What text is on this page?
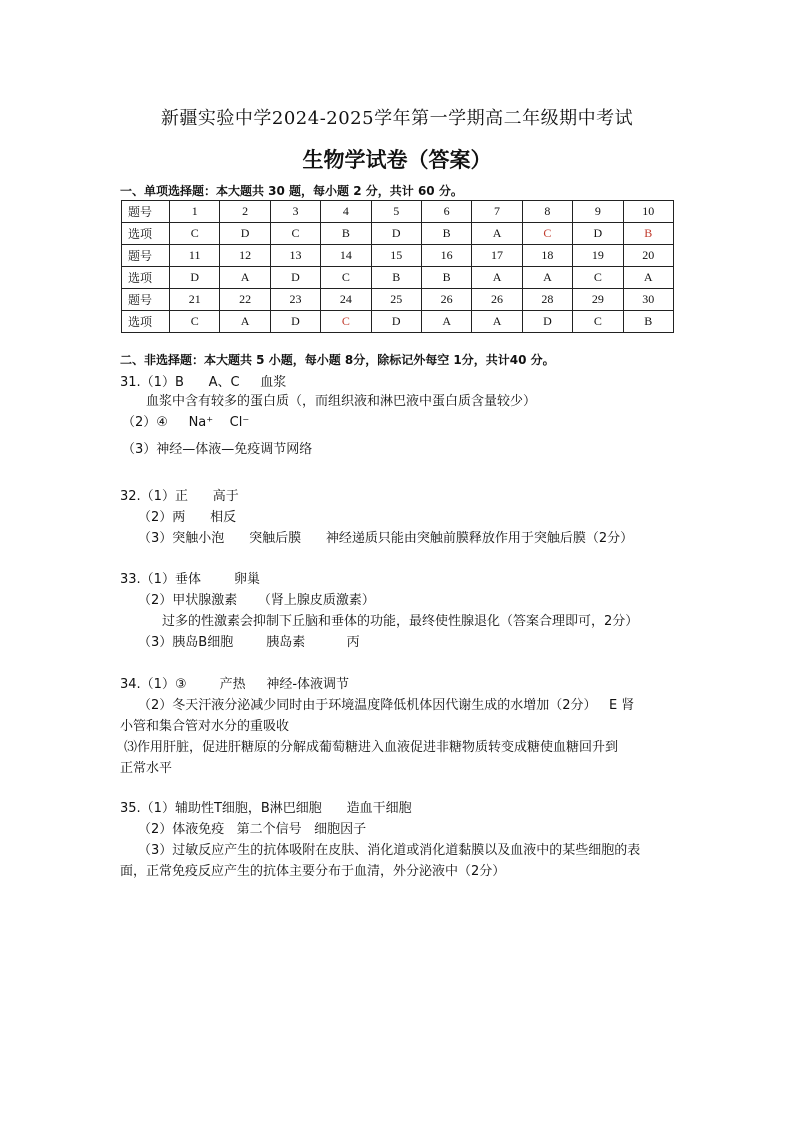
新疆实验中学2024-2025学年第一学期高二年级期中考试
生物学试卷（答案）
一、单项选择题：本大题共 30 题，每小题 2 分，共计 60 分。
题号	1	2	3	4	5	6	7	8	9	10
选项	C	D	C	B	D	B	A	C	D	B
题号	11	12	13	14	15	16	17	18	19	20
选项	D	A	D	C	B	B	A	A	C	A
题号	21	22	23	24	25	26	26	28	29	30
选项	C	A	D	C	D	A	A	D	C	B
二、非选择题：本大题共 5 小题，每小题 8分，除标记外每空 1分，共计40 分。
31.（1）B      A、C     血浆
血浆中含有较多的蛋白质（，而组织液和淋巴液中蛋白质含量较少）
（2）④     Na⁺    Cl⁻
（3）神经—体液—免疫调节网络
32.（1）正      高于
（2）两      相反
（3）突触小泡      突触后膜      神经递质只能由突触前膜释放作用于突触后膜（2分）
33.（1）垂体        卵巢
（2）甲状腺激素     （肾上腺皮质激素）
过多的性激素会抑制下丘脑和垂体的功能，最终使性腺退化（答案合理即可，2分）
（3）胰岛B细胞        胰岛素          丙
34.（1）③        产热     神经-体液调节
（2）冬天汗液分泌减少同时由于环境温度降低机体因代谢生成的水增加（2分）   E 肾
小管和集合管对水分的重吸收
⑶作用肝脏，促进肝糖原的分解成葡萄糖进入血液促进非糖物质转变成糖使血糖回升到
正常水平
35.（1）辅助性T细胞，B淋巴细胞      造血干细胞
（2）体液免疫   第二个信号   细胞因子
（3）过敏反应产生的抗体吸附在皮肤、消化道或消化道黏膜以及血液中的某些细胞的表
面，正常免疫反应产生的抗体主要分布于血清，外分泌液中（2分）
